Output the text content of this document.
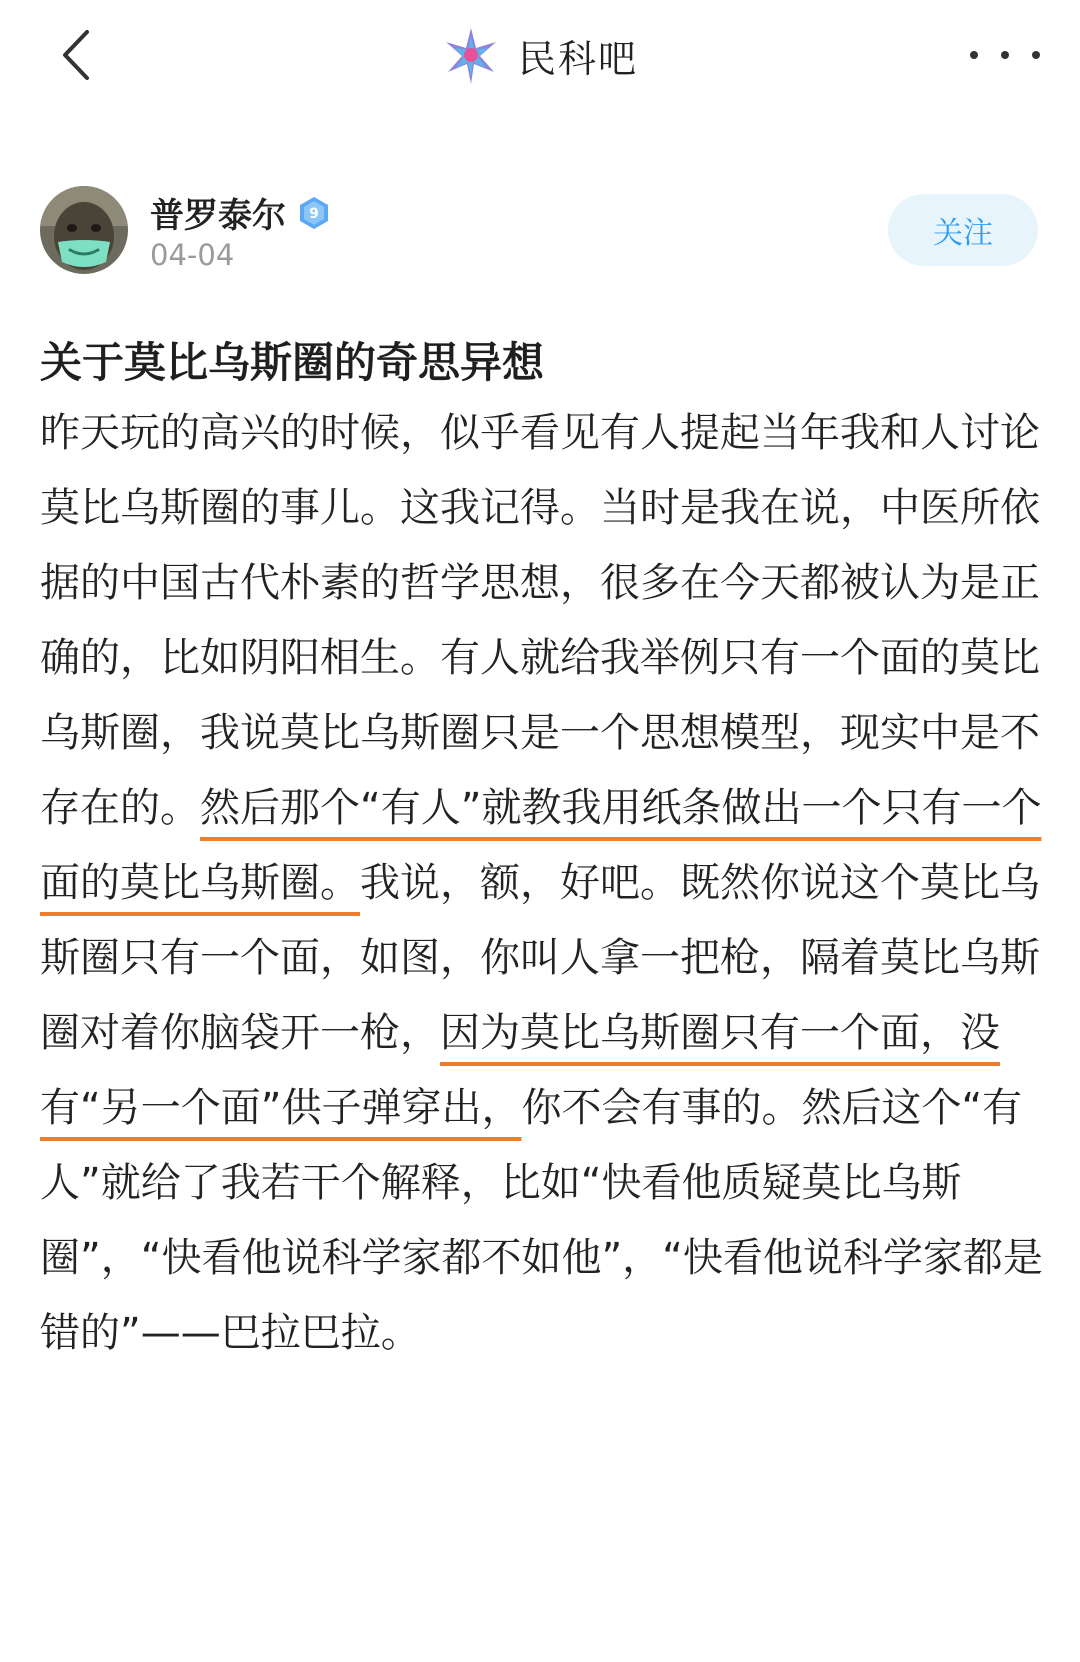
民科吧
普罗泰尔 9
04-04
关注
关于莫比乌斯圈的奇思异想
昨天玩的高兴的时候，似乎看见有人提起当年我和人讨论莫比乌斯圈的事儿。这我记得。当时是我在说，中医所依据的中国古代朴素的哲学思想，很多在今天都被认为是正确的，比如阴阳相生。有人就给我举例只有一个面的莫比乌斯圈，我说莫比乌斯圈只是一个思想模型，现实中是不存在的。然后那个“有人”就教我用纸条做出一个只有一个面的莫比乌斯圈。我说，额，好吧。既然你说这个莫比乌斯圈只有一个面，如图，你叫人拿一把枪，隔着莫比乌斯圈对着你脑袋开一枪，因为莫比乌斯圈只有一个面，没有“另一个面”供子弹穿出，你不会有事的。然后这个“有人”就给了我若干个解释，比如“快看他质疑莫比乌斯圈”，“快看他说科学家都不如他”，“快看他说科学家都是错的”——巴拉巴拉。
